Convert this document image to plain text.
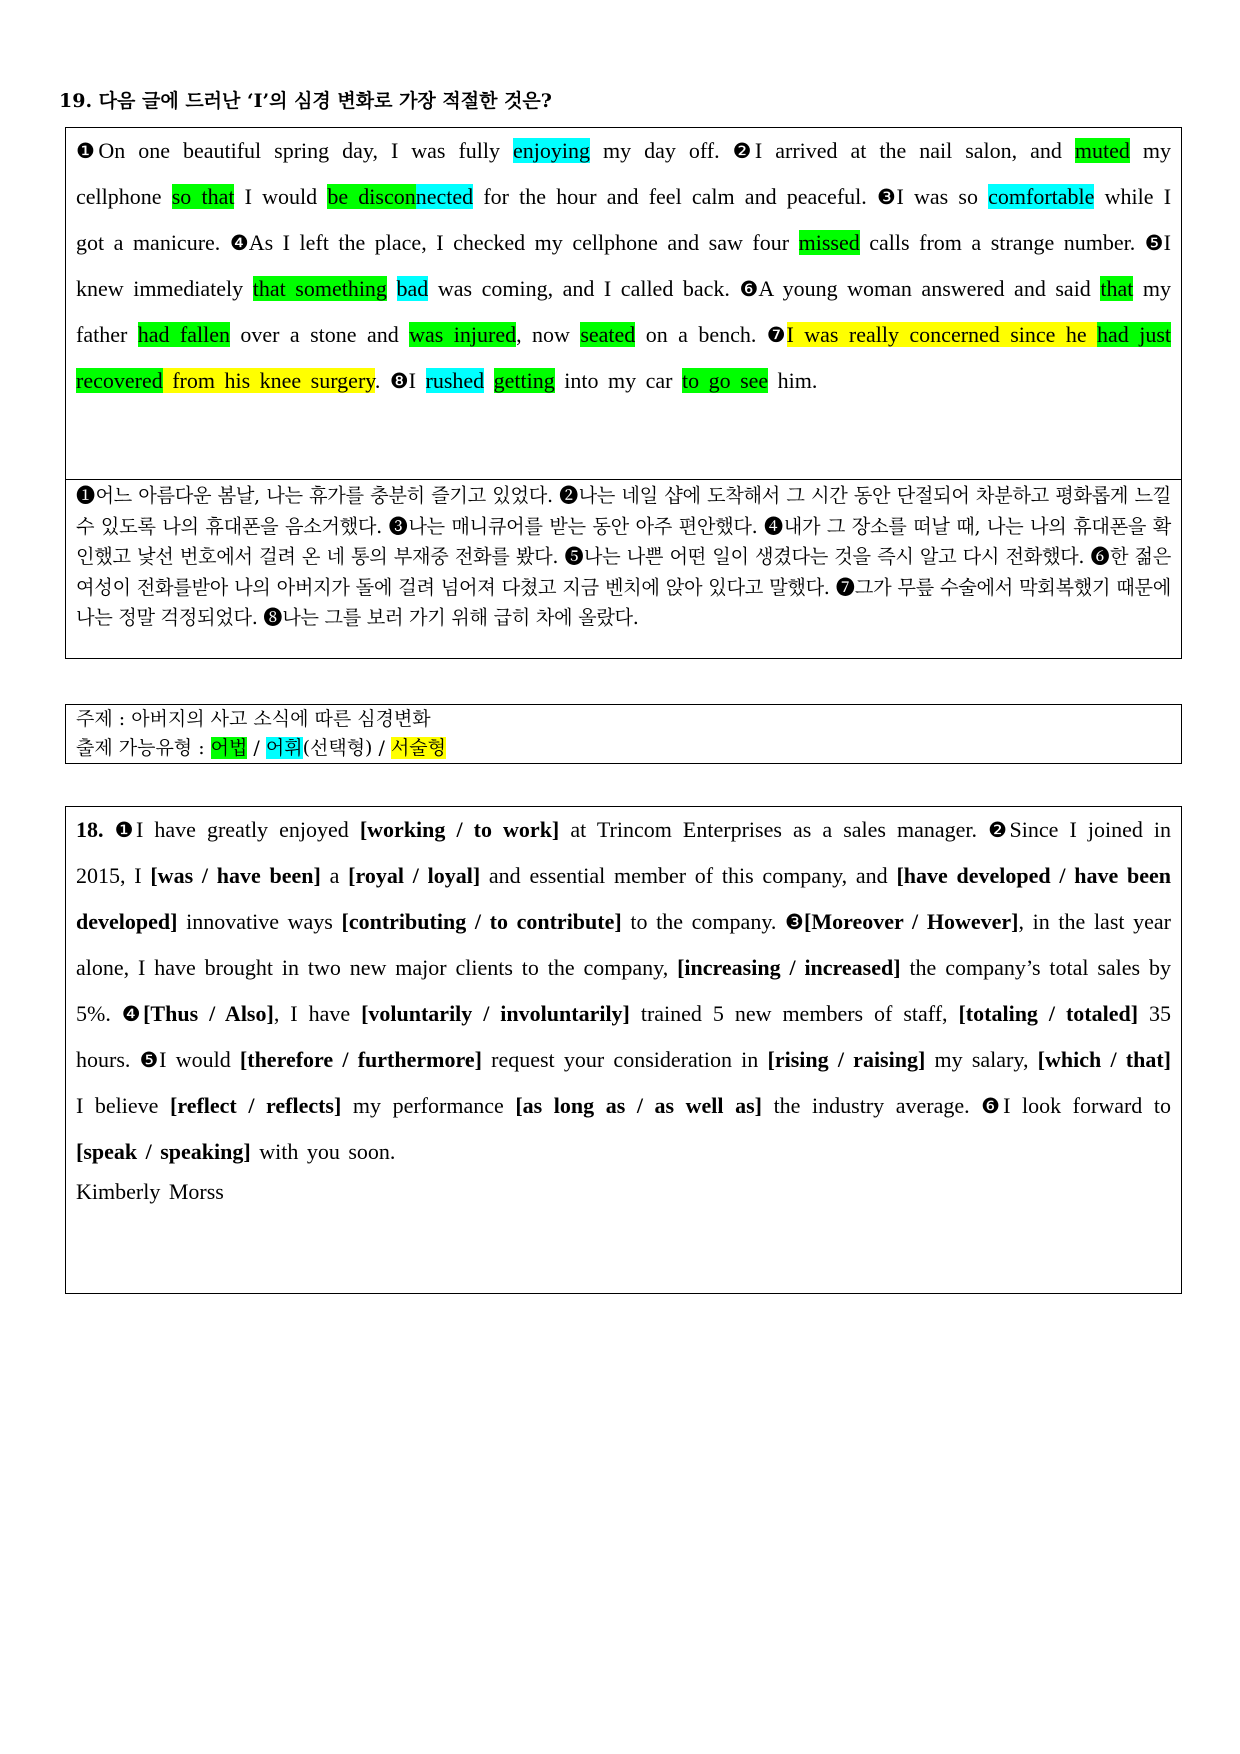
19. 다음 글에 드러난 ‘I’의 심경 변화로 가장 적절한 것은?
❶On one beautiful spring day, I was fully enjoying my day off. ❷I arrived at the nail salon, and muted my cellphone so that I would be disconnected for the hour and feel calm and peaceful. ❸I was so comfortable while I got a manicure. ❹As I left the place, I checked my cellphone and saw four missed calls from a strange number. ❺I knew immediately that something bad was coming, and I called back. ❻A young woman answered and said that my father had fallen over a stone and was injured, now seated on a bench. ❼I was really concerned since he had just recovered from his knee surgery. ❽I rushed getting into my car to go see him.
❶어느 아름다운 봄날, 나는 휴가를 충분히 즐기고 있었다. ❷나는 네일 샵에 도착해서 그 시간 동안 단절되어 차분하고 평화롭게 느낄 수 있도록 나의 휴대폰을 음소거했다. ❸나는 매니큐어를 받는 동안 아주 편안했다. ❹내가 그 장소를 떠날 때, 나는 나의 휴대폰을 확인했고 낯선 번호에서 걸려 온 네 통의 부재중 전화를 봤다. ❺나는 나쁜 어떤 일이 생겼다는 것을 즉시 알고 다시 전화했다. ❻한 젊은 여성이 전화를받아 나의 아버지가 돌에 걸려 넘어져 다쳤고 지금 벤치에 앉아 있다고 말했다. ❼그가 무릎 수술에서 막회복했기 때문에 나는 정말 걱정되었다. ❽나는 그를 보러 가기 위해 급히 차에 올랐다.
주제 : 아버지의 사고 소식에 따른 심경변화
출제 가능유형 : 어법 / 어휘(선택형) / 서술형
18. ❶I have greatly enjoyed [working / to work] at Trincom Enterprises as a sales manager. ❷Since I joined in 2015, I [was / have been] a [royal / loyal] and essential member of this company, and [have developed / have been developed] innovative ways [contributing / to contribute] to the company. ❸[Moreover / However], in the last year alone, I have brought in two new major clients to the company, [increasing / increased] the company’s total sales by 5%. ❹[Thus / Also], I have [voluntarily / involuntarily] trained 5 new members of staff, [totaling / totaled] 35 hours. ❺I would [therefore / furthermore] request your consideration in [rising / raising] my salary, [which / that] I believe [reflect / reflects] my performance [as long as / as well as] the industry average. ❻I look forward to [speak / speaking] with you soon.
Kimberly Morss
